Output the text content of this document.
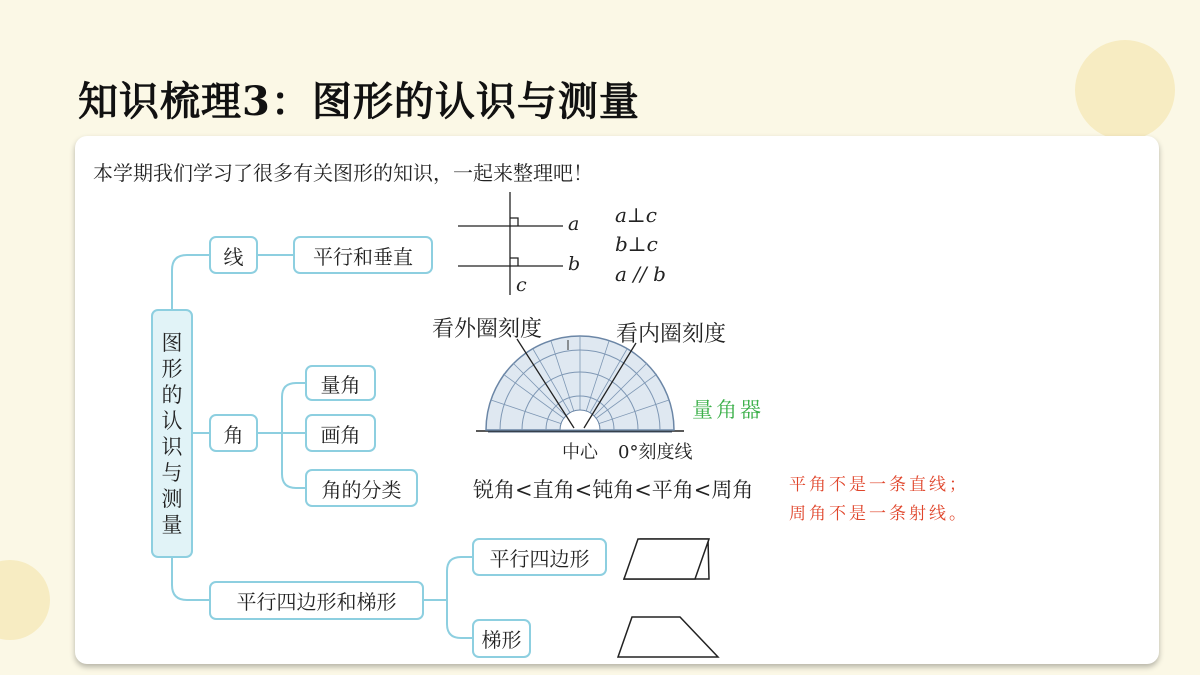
知识梳理3：图形的认识与测量

本学期我们学习了很多有关图形的知识，一起来整理吧！

图
形
的
认
识
与
测
量
线	平行和垂直
角
量角
画角
角的分类
平行四边形和梯形
平行四边形
梯形
a
b
c
a⊥c
b⊥c
a // b
看外圈刻度	看内圈刻度
量角器
中心 0°刻度线
锐角<直角<钝角<平角<周角 平角不是一条直线；
周角不是一条射线。
